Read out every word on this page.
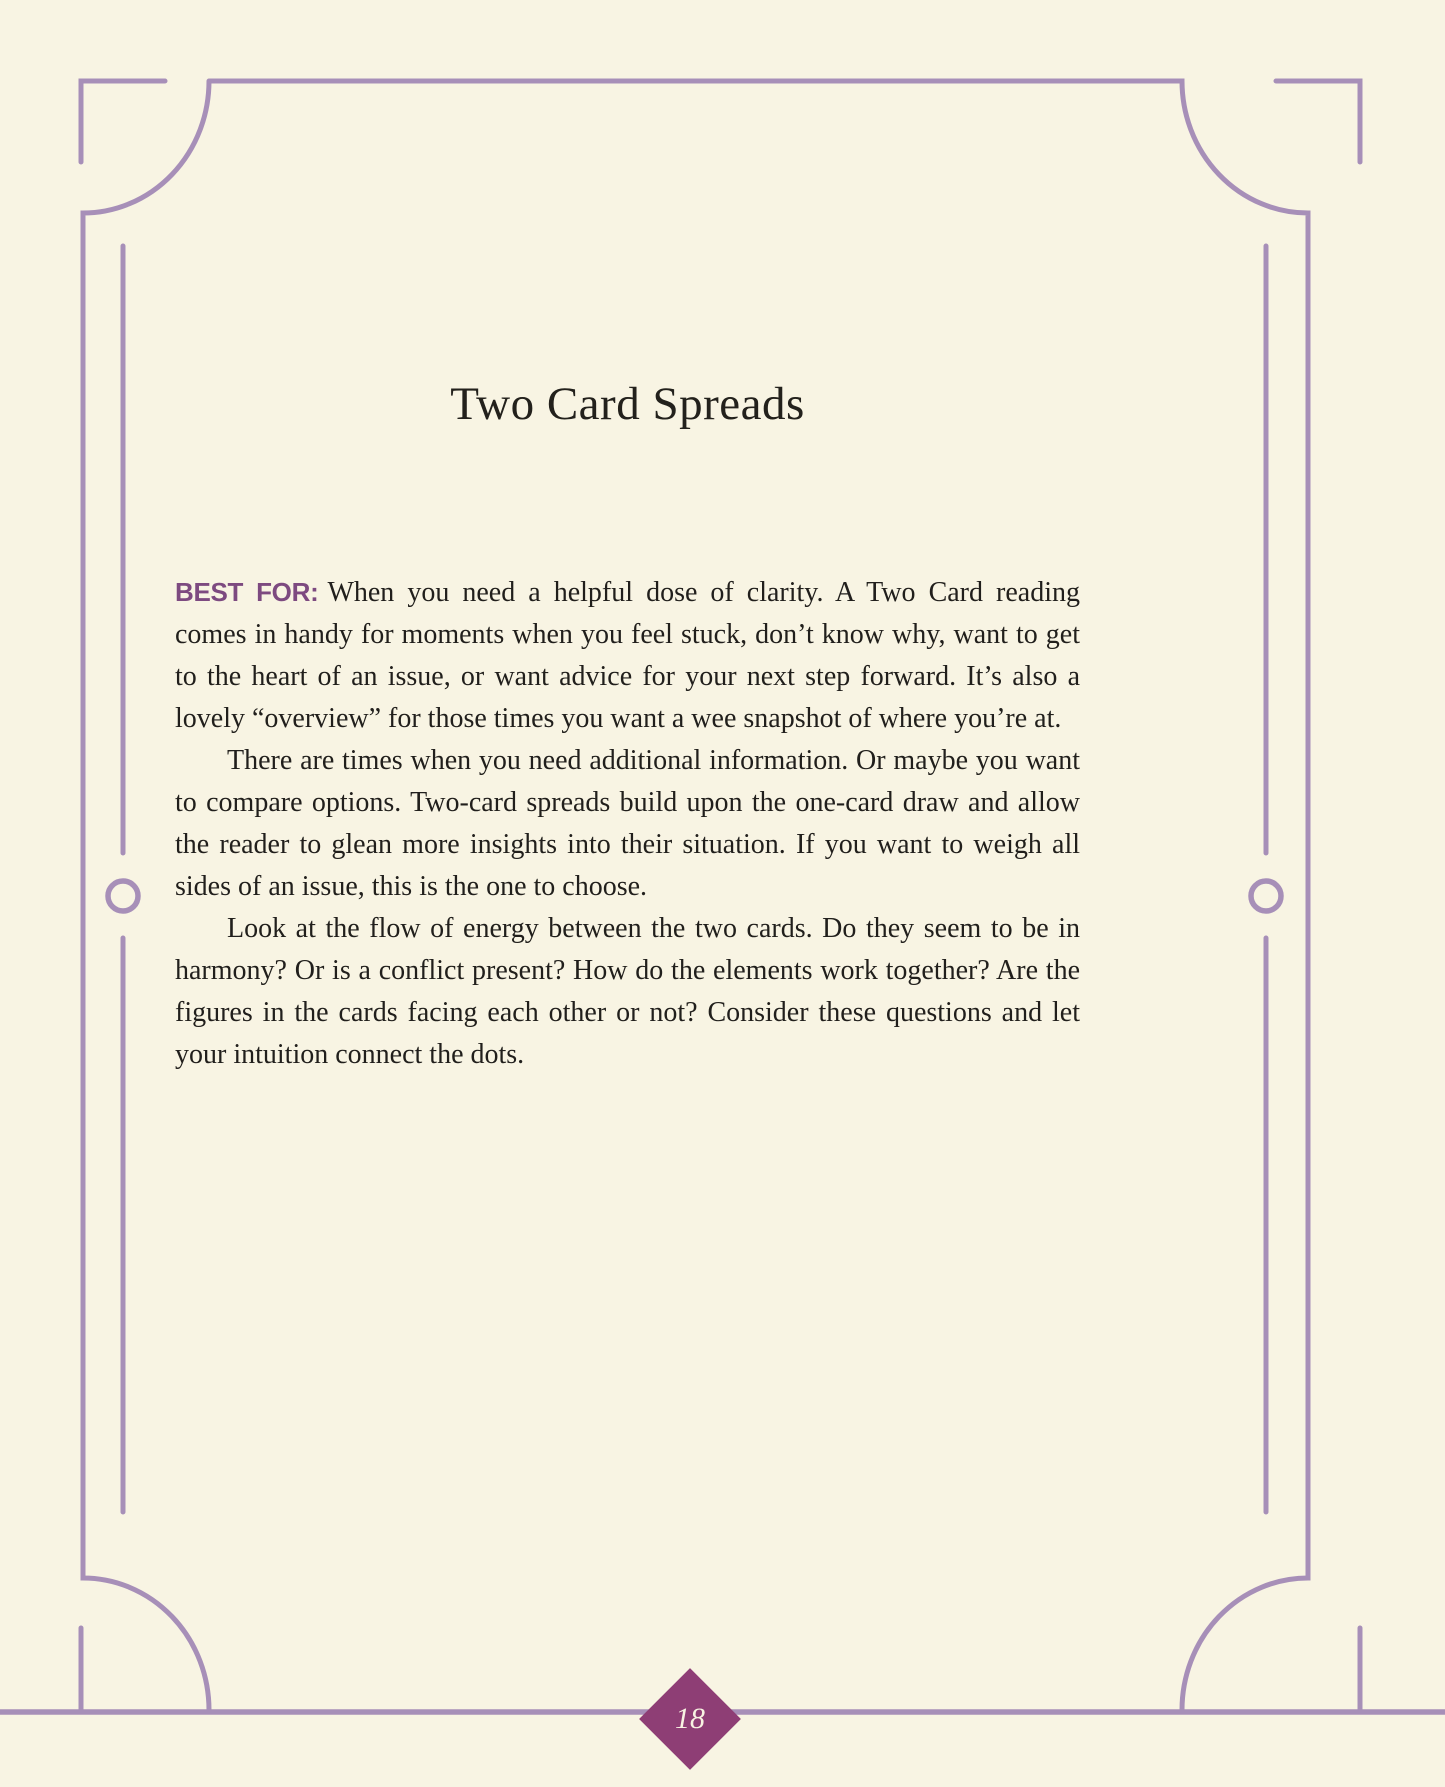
Two Card Spreads

BEST FOR: When you need a helpful dose of clarity. A Two Card reading comes in handy for moments when you feel stuck, don’t know why, want to get to the heart of an issue, or want advice for your next step forward. It’s also a lovely “overview” for those times you want a wee snapshot of where you’re at.

There are times when you need additional information. Or maybe you want to compare options. Two-card spreads build upon the one-card draw and allow the reader to glean more insights into their situation. If you want to weigh all sides of an issue, this is the one to choose.

Look at the flow of energy between the two cards. Do they seem to be in harmony? Or is a conflict present? How do the elements work together? Are the figures in the cards facing each other or not? Consider these questions and let your intuition connect the dots.

18
